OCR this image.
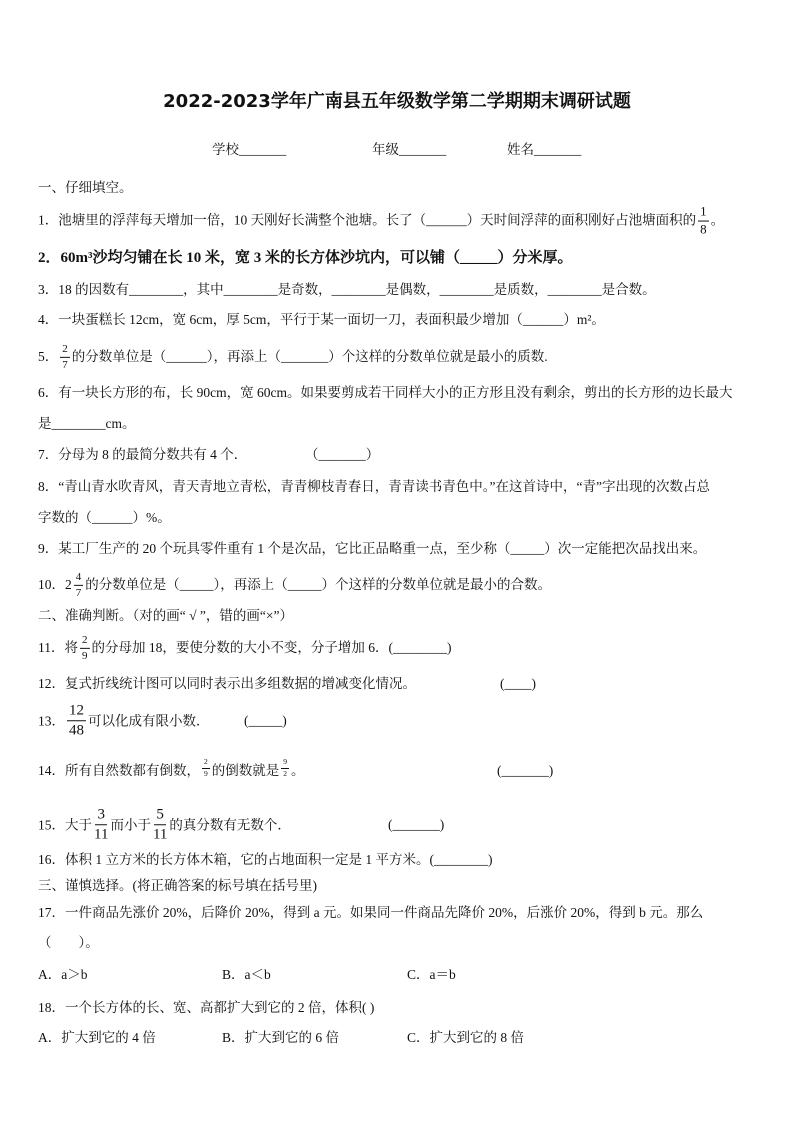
2022-2023学年广南县五年级数学第二学期期末调研试题
学校_______	年级_______	姓名_______
一、仔细填空。
1．池塘里的浮萍每天增加一倍，10 天刚好长满整个池塘。长了（______）天时间浮萍的面积刚好占池塘面积的 $\frac{1}{8}$ 。
2．60m³沙均匀铺在长 10 米，宽 3 米的长方体沙坑内，可以铺（_____）分米厚。
3．18 的因数有________，其中________是奇数，________是偶数，________是质数，________是合数。
4．一块蛋糕长 12cm，宽 6cm，厚 5cm，平行于某一面切一刀，表面积最少增加（______）m²。
5． $\frac{2}{7}$ 的分数单位是（______），再添上（_______）个这样的分数单位就是最小的质数.
6．有一块长方形的布，长 90cm，宽 60cm。如果要剪成若干同样大小的正方形且没有剩余，剪出的长方形的边长最大
是________cm。
7．分母为 8 的最简分数共有 4 个．	（_______）
8．“青山青水吹青风，青天青地立青松，青青柳枝青春日，青青读书青色中。”在这首诗中，“青”字出现的次数占总
字数的（______）%。
9．某工厂生产的 20 个玩具零件重有 1 个是次品，它比正品略重一点，至少称（_____）次一定能把次品找出来。
10． $2 \frac{4}{7}$ 的分数单位是（_____），再添上（_____）个这样的分数单位就是最小的合数。
二、准确判断。（对的画“ √ ”，错的画“×”）
11．将 $\frac{2}{9}$ 的分母加 18，要使分数的大小不变，分子增加 6．(________)
12．复式折线统计图可以同时表示出多组数据的增减变化情况。	(____)
13． $\frac{12}{48}$ 可以化成有限小数．	(_____)
14．所有自然数都有倒数， $\frac{2}{9}$ 的倒数就是 $\frac{9}{2}$ 。	(_______)
15．大于 $\frac{3}{11}$ 而小于 $\frac{5}{11}$ 的真分数有无数个．	(_______)
16．体积 1 立方米的长方体木箱，它的占地面积一定是 1 平方米。(________)
三、谨慎选择。(将正确答案的标号填在括号里)
17．一件商品先涨价 20%，后降价 20%，得到 a 元。如果同一件商品先降价 20%，后涨价 20%，得到 b 元。那么
（　　）。
A．a＞b	B．a＜b	C．a＝b
18．一个长方体的长、宽、高都扩大到它的 2 倍，体积( )
A．扩大到它的 4 倍	B．扩大到它的 6 倍	C．扩大到它的 8 倍
